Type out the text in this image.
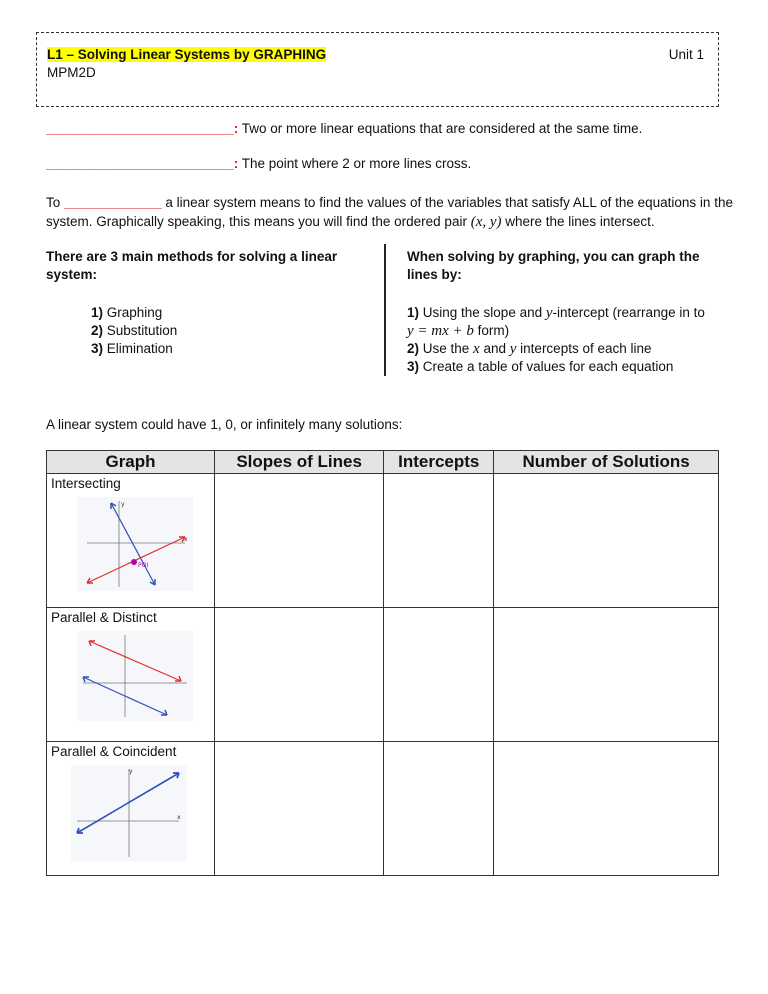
L1 – Solving Linear Systems by GRAPHING
MPM2D
Unit 1
_________________________: Two or more linear equations that are considered at the same time.
_________________________: The point where 2 or more lines cross.
To _____________ a linear system means to find the values of the variables that satisfy ALL of the equations in the system. Graphically speaking, this means you will find the ordered pair (x, y) where the lines intersect.
There are 3 main methods for solving a linear system:
1) Graphing
2) Substitution
3) Elimination
When solving by graphing, you can graph the lines by:
1) Using the slope and y-intercept (rearrange in to
y = mx + b form)
2) Use the x and y intercepts of each line
3) Create a table of values for each equation
A linear system could have 1, 0, or infinitely many solutions:
Graph	Slopes of Lines	Intercepts	Number of Solutions

Intersecting
y
x
POI			

Parallel & Distinct			

Parallel & Coincident
y
x			
